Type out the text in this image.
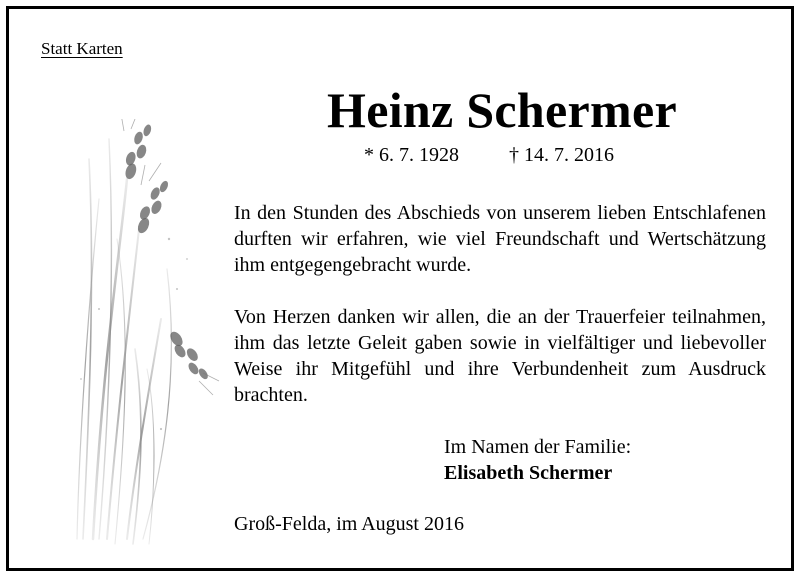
Statt Karten
Heinz Schermer
* 6. 7. 1928	† 14. 7. 2016

In den Stunden des Abschieds von unserem lieben Entschlafenen durften wir erfahren, wie viel Freundschaft und Wertschätzung ihm entgegengebracht wurde.

Von Herzen danken wir allen, die an der Trauerfeier teilnahmen, ihm das letzte Geleit gaben sowie in vielfältiger und liebevoller Weise ihr Mitgefühl und ihre Verbundenheit zum Ausdruck brachten.

Im Namen der Familie:
Elisabeth Schermer
Groß-Felda, im August 2016
